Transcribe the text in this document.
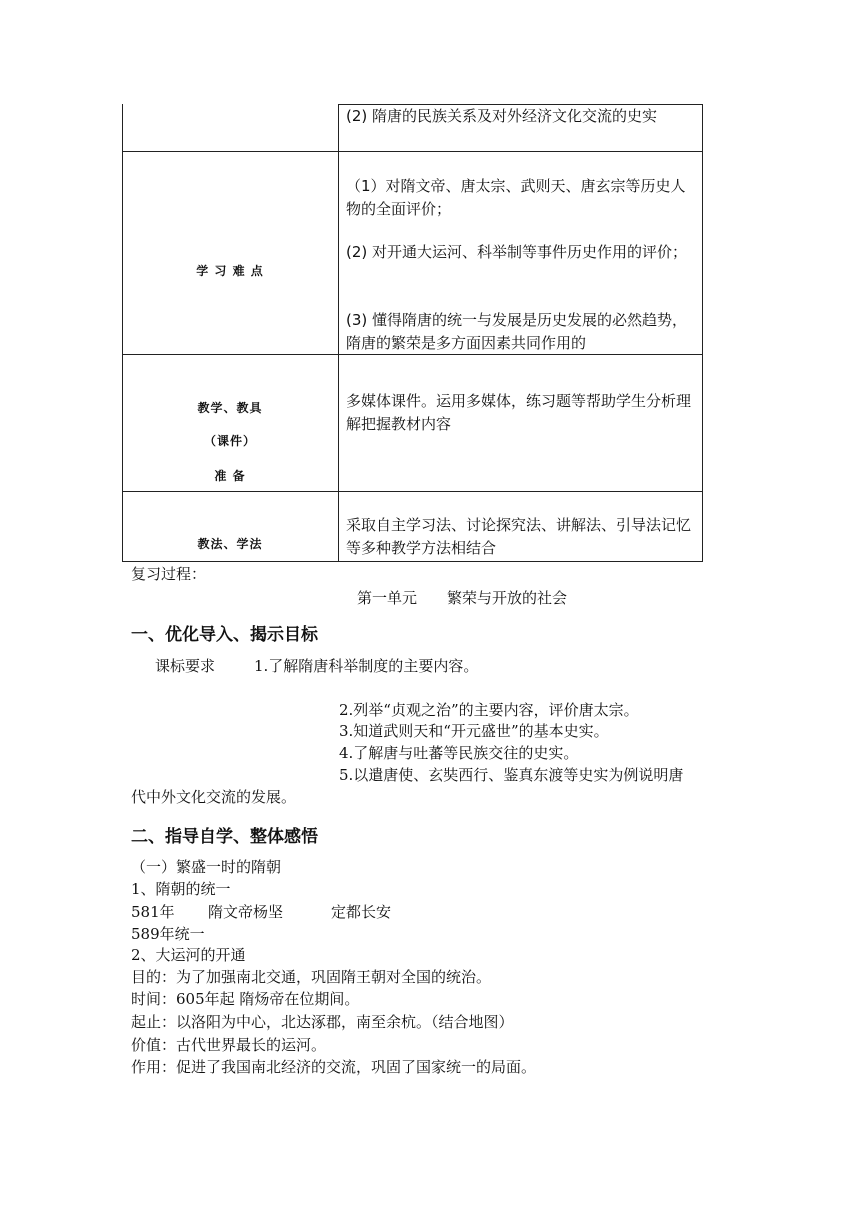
(2) 隋唐的民族关系及对外经济文化交流的史实
学 习 难 点
（1）对隋文帝、唐太宗、武则天、唐玄宗等历史人物的全面评价；
(2) 对开通大运河、科举制等事件历史作用的评价；
(3) 懂得隋唐的统一与发展是历史发展的必然趋势，隋唐的繁荣是多方面因素共同作用的
教学、教具
（课件）
准 备
多媒体课件。运用多媒体，练习题等帮助学生分析理解把握教材内容
教法、学法
采取自主学习法、讨论探究法、讲解法、引导法记忆等多种教学方法相结合
复习过程：
第一单元　　繁荣与开放的社会
一、优化导入、揭示目标
课标要求	1.了解隋唐科举制度的主要内容。
2.列举“贞观之治”的主要内容，评价唐太宗。
3.知道武则天和“开元盛世”的基本史实。
4.了解唐与吐蕃等民族交往的史实。
5.以遣唐使、玄奘西行、鉴真东渡等史实为例说明唐
代中外文化交流的发展。
二、指导自学、整体感悟
（一）繁盛一时的隋朝
1、隋朝的统一
581年 隋文帝杨坚	定都长安
589年统一
2、大运河的开通
目的：为了加强南北交通，巩固隋王朝对全国的统治。
时间：605年起 隋炀帝在位期间。
起止：以洛阳为中心，北达涿郡，南至余杭。（结合地图）
价值：古代世界最长的运河。
作用：促进了我国南北经济的交流，巩固了国家统一的局面。
